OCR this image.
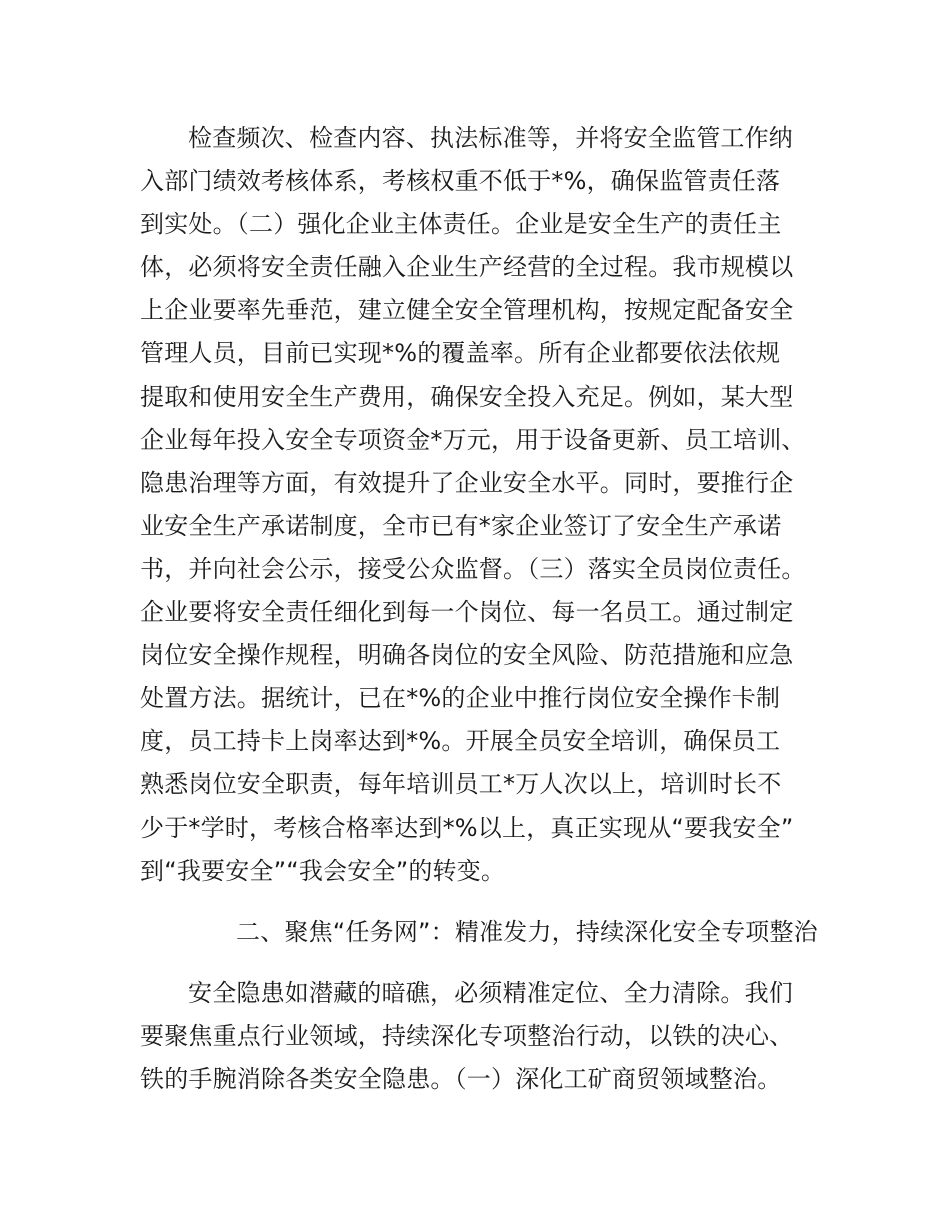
检查频次、检查内容、执法标准等，并将安全监管工作纳
入部门绩效考核体系，考核权重不低于*%，确保监管责任落
到实处。（二）强化企业主体责任。企业是安全生产的责任主
体，必须将安全责任融入企业生产经营的全过程。我市规模以
上企业要率先垂范，建立健全安全管理机构，按规定配备安全
管理人员，目前已实现*%的覆盖率。所有企业都要依法依规
提取和使用安全生产费用，确保安全投入充足。例如，某大型
企业每年投入安全专项资金*万元，用于设备更新、员工培训、
隐患治理等方面，有效提升了企业安全水平。同时，要推行企
业安全生产承诺制度，全市已有*家企业签订了安全生产承诺
书，并向社会公示，接受公众监督。（三）落实全员岗位责任。
企业要将安全责任细化到每一个岗位、每一名员工。通过制定
岗位安全操作规程，明确各岗位的安全风险、防范措施和应急
处置方法。据统计，已在*%的企业中推行岗位安全操作卡制
度，员工持卡上岗率达到*%。开展全员安全培训，确保员工
熟悉岗位安全职责，每年培训员工*万人次以上，培训时长不
少于*学时，考核合格率达到*%以上，真正实现从“要我安全”
到“我要安全”“我会安全”的转变。
二、聚焦“任务网”：精准发力，持续深化安全专项整治
安全隐患如潜藏的暗礁，必须精准定位、全力清除。我们
要聚焦重点行业领域，持续深化专项整治行动，以铁的决心、
铁的手腕消除各类安全隐患。（一）深化工矿商贸领域整治。
